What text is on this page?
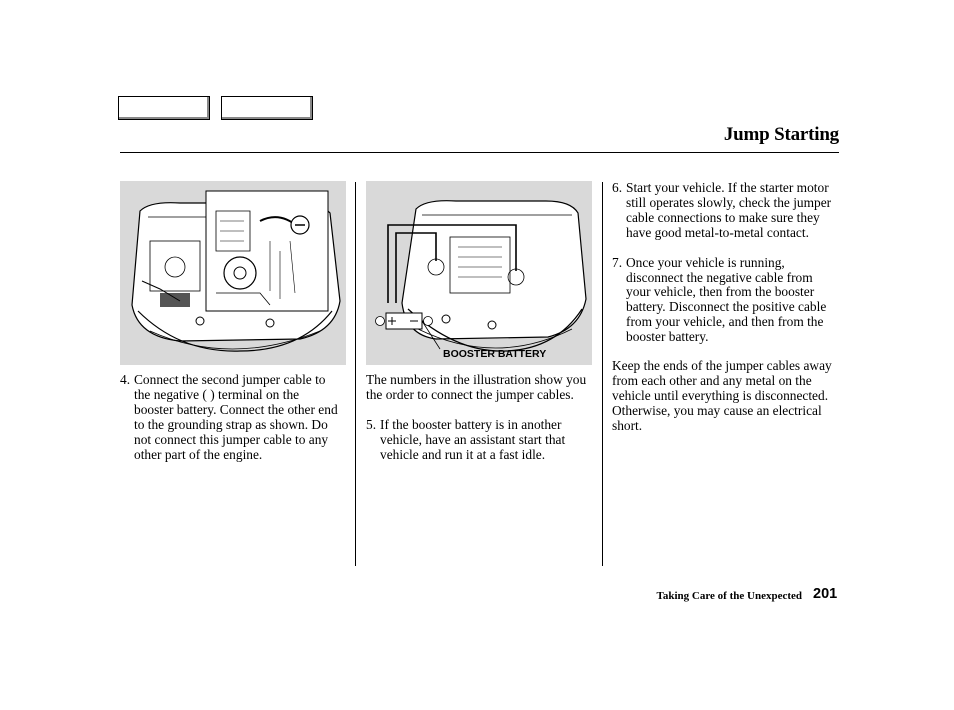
Jump Starting
BOOSTER BATTERY
4. Connect the second jumper cable to the negative ( ) terminal on the booster battery. Connect the other end to the grounding strap as shown. Do not connect this jumper cable to any other part of the engine.

The numbers in the illustration show you the order to connect the jumper cables.

5. If the booster battery is in another vehicle, have an assistant start that vehicle and run it at a fast idle.
6. Start your vehicle. If the starter motor still operates slowly, check the jumper cable connections to make sure they have good metal-to-metal contact.
7. Once your vehicle is running, disconnect the negative cable from your vehicle, then from the booster battery. Disconnect the positive cable from your vehicle, and then from the booster battery.

Keep the ends of the jumper cables away from each other and any metal on the vehicle until everything is disconnected. Otherwise, you may cause an electrical short.

Taking Care of the Unexpected 201
